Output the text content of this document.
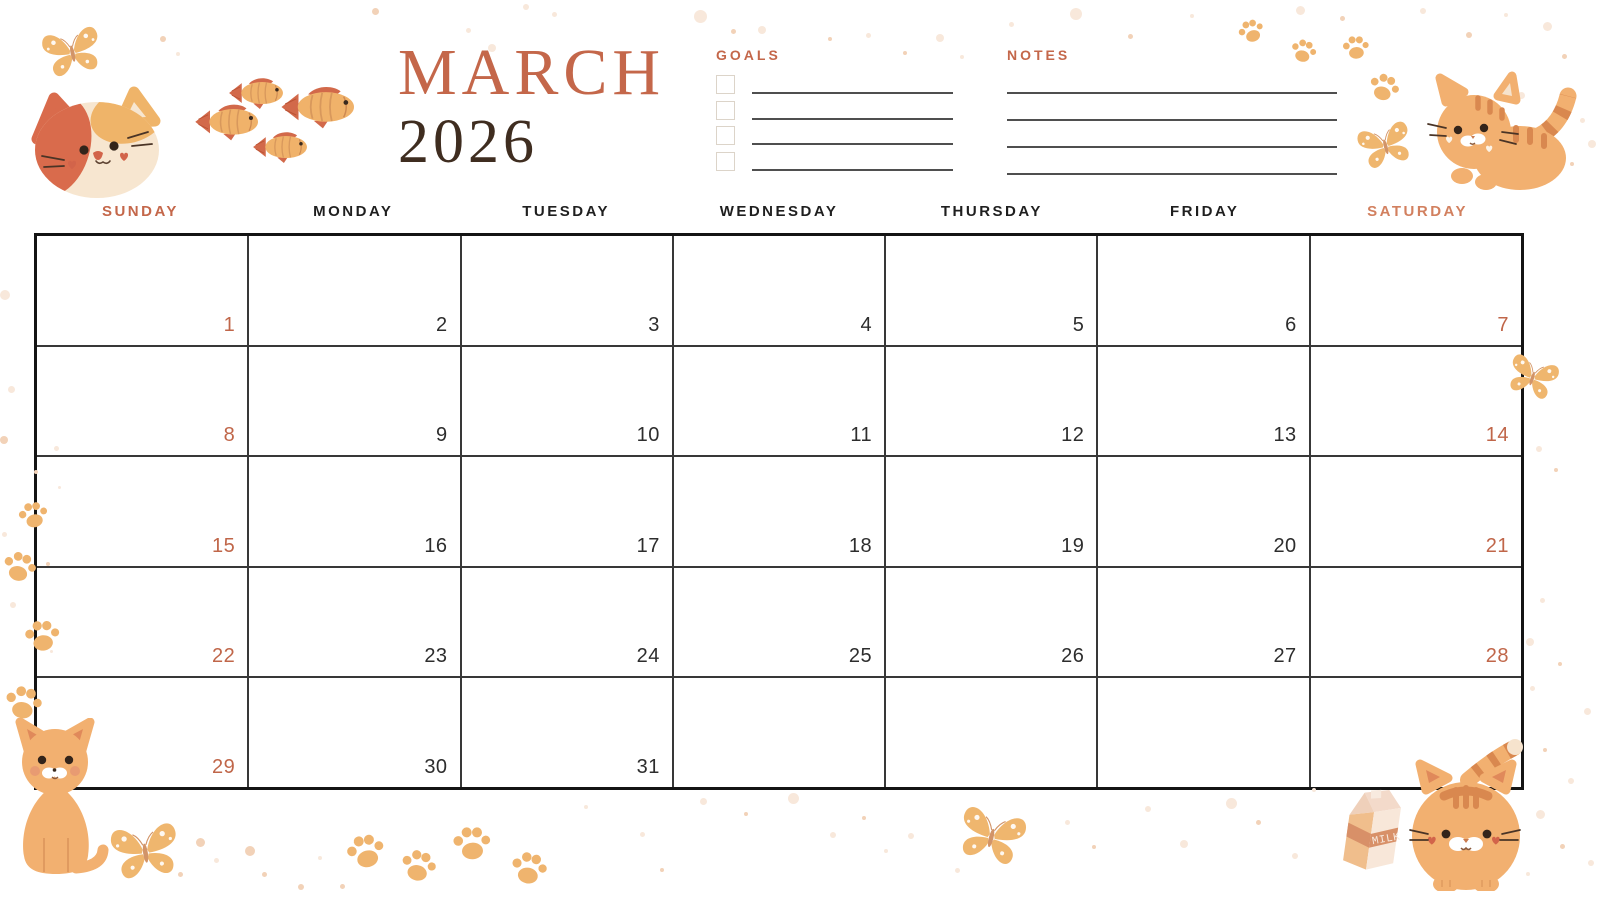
MARCH
2026
GOALS	NOTES
SUNDAY	MONDAY	TUESDAY	WEDNESDAY	THURSDAY	FRIDAY	SATURDAY
1	2	3	4	5	6	7
8	9	10	11	12	13	14
15	16	17	18	19	20	21
22	23	24	25	26	27	28
29	30	31
MILK
